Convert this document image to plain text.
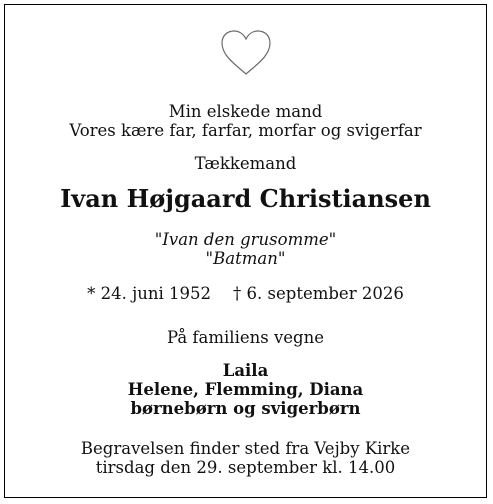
Min elskede mand
Vores kære far, farfar, morfar og svigerfar
Tækkemand
Ivan Højgaard Christiansen
"Ivan den grusomme"
"Batman"
* 24. juni 1952 † 6. september 2026
På familiens vegne
Laila
Helene, Flemming, Diana
børnebørn og svigerbørn
Begravelsen finder sted fra Vejby Kirke
tirsdag den 29. september kl. 14.00
